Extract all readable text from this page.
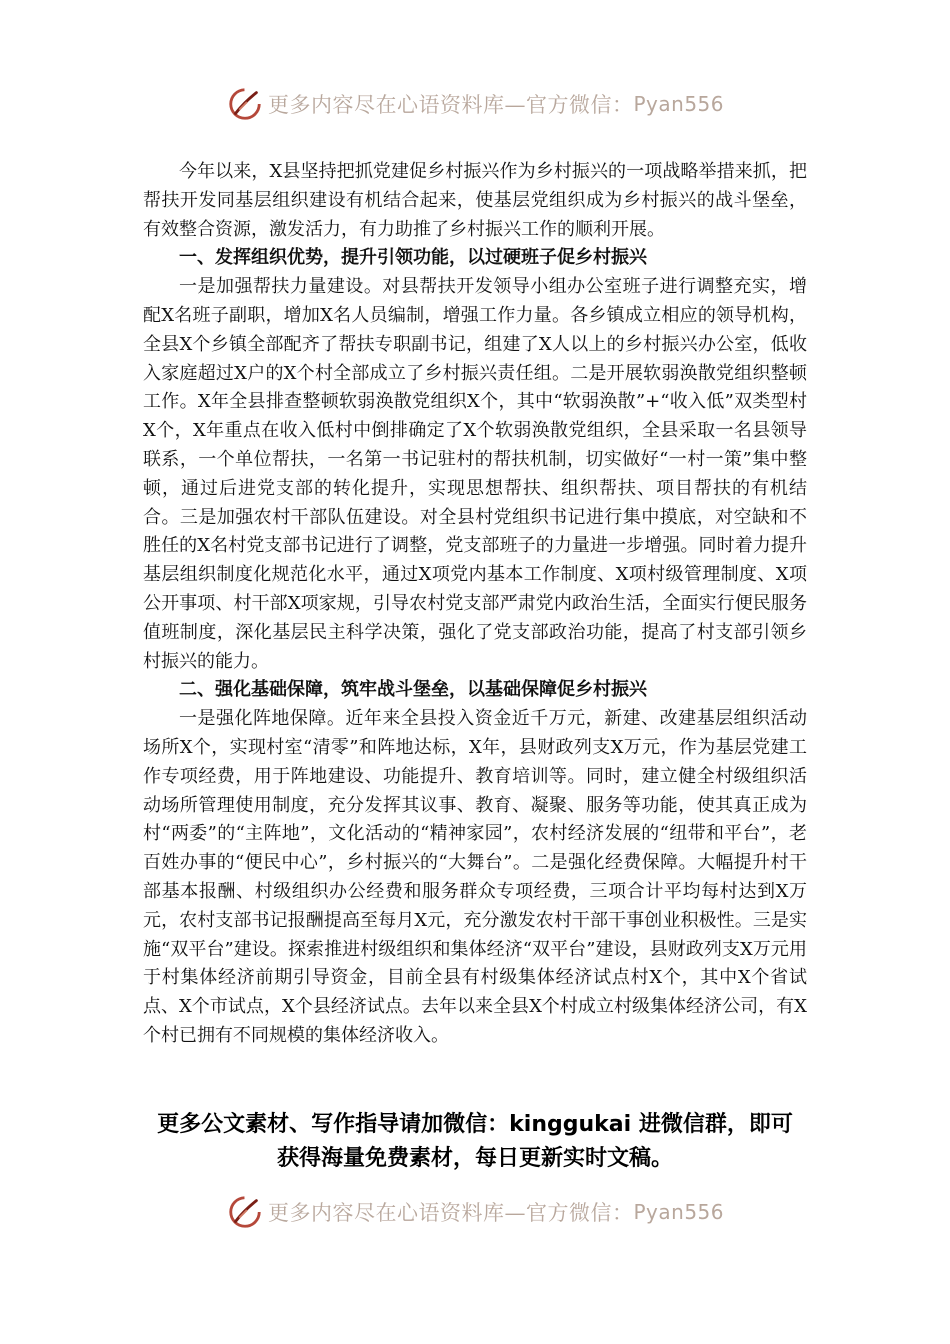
更多内容尽在心语资料库—官方微信： Pyan556

今年以来，X县坚持把抓党建促乡村振兴作为乡村振兴的一项战略举措来抓，把帮扶开发同基层组织建设有机结合起来，使基层党组织成为乡村振兴的战斗堡垒，有效整合资源，激发活力，有力助推了乡村振兴工作的顺利开展。

一、发挥组织优势，提升引领功能，以过硬班子促乡村振兴

一是加强帮扶力量建设。对县帮扶开发领导小组办公室班子进行调整充实，增配X名班子副职，增加X名人员编制，增强工作力量。各乡镇成立相应的领导机构，全县X个乡镇全部配齐了帮扶专职副书记，组建了X人以上的乡村振兴办公室，低收入家庭超过X户的X个村全部成立了乡村振兴责任组。二是开展软弱涣散党组织整顿工作。X年全县排查整顿软弱涣散党组织X个，其中“软弱涣散”+“收入低”双类型村X个，X年重点在收入低村中倒排确定了X个软弱涣散党组织，全县采取一名县领导联系，一个单位帮扶，一名第一书记驻村的帮扶机制，切实做好“一村一策”集中整顿，通过后进党支部的转化提升，实现思想帮扶、组织帮扶、项目帮扶的有机结合。三是加强农村干部队伍建设。对全县村党组织书记进行集中摸底，对空缺和不胜任的X名村党支部书记进行了调整，党支部班子的力量进一步增强。同时着力提升基层组织制度化规范化水平，通过X项党内基本工作制度、X项村级管理制度、X项公开事项、村干部X项家规，引导农村党支部严肃党内政治生活，全面实行便民服务值班制度，深化基层民主科学决策，强化了党支部政治功能，提高了村支部引领乡村振兴的能力。

二、强化基础保障，筑牢战斗堡垒，以基础保障促乡村振兴

一是强化阵地保障。近年来全县投入资金近千万元，新建、改建基层组织活动场所X个，实现村室“清零”和阵地达标，X年，县财政列支X万元，作为基层党建工作专项经费，用于阵地建设、功能提升、教育培训等。同时，建立健全村级组织活动场所管理使用制度，充分发挥其议事、教育、凝聚、服务等功能，使其真正成为村“两委”的“主阵地”，文化活动的“精神家园”，农村经济发展的“纽带和平台”，老百姓办事的“便民中心”，乡村振兴的“大舞台”。二是强化经费保障。大幅提升村干部基本报酬、村级组织办公经费和服务群众专项经费，三项合计平均每村达到X万元，农村支部书记报酬提高至每月X元，充分激发农村干部干事创业积极性。三是实施“双平台”建设。探索推进村级组织和集体经济“双平台”建设，县财政列支X万元用于村集体经济前期引导资金，目前全县有村级集体经济试点村X个，其中X个省试点、X个市试点，X个县经济试点。去年以来全县X个村成立村级集体经济公司，有X个村已拥有不同规模的集体经济收入。

更多公文素材、写作指导请加微信：kinggukai 进微信群，即可
获得海量免费素材，每日更新实时文稿。
更多内容尽在心语资料库—官方微信： Pyan556
